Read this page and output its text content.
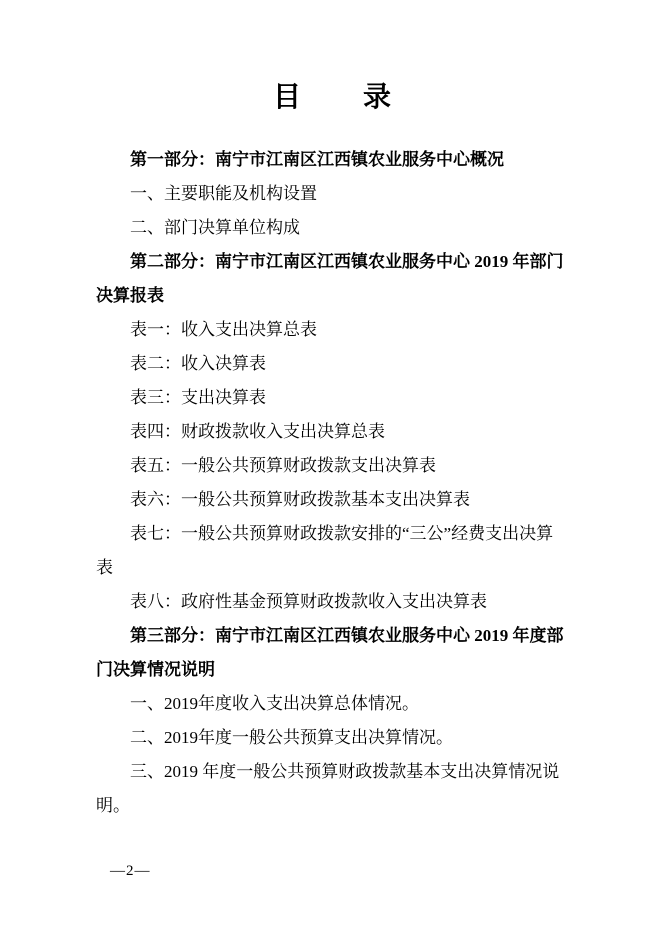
目　　录

第一部分：南宁市江南区江西镇农业服务中心概况

一、主要职能及机构设置

二、部门决算单位构成

第二部分：南宁市江南区江西镇农业服务中心 2019 年部门决算报表

表一：收入支出决算总表

表二：收入决算表

表三：支出决算表

表四：财政拨款收入支出决算总表

表五：一般公共预算财政拨款支出决算表

表六：一般公共预算财政拨款基本支出决算表

表七：一般公共预算财政拨款安排的“三公”经费支出决算表

表八：政府性基金预算财政拨款收入支出决算表

第三部分：南宁市江南区江西镇农业服务中心 2019 年度部门决算情况说明

一、2019年度收入支出决算总体情况。

二、2019年度一般公共预算支出决算情况。

三、2019 年度一般公共预算财政拨款基本支出决算情况说明。

—2—
